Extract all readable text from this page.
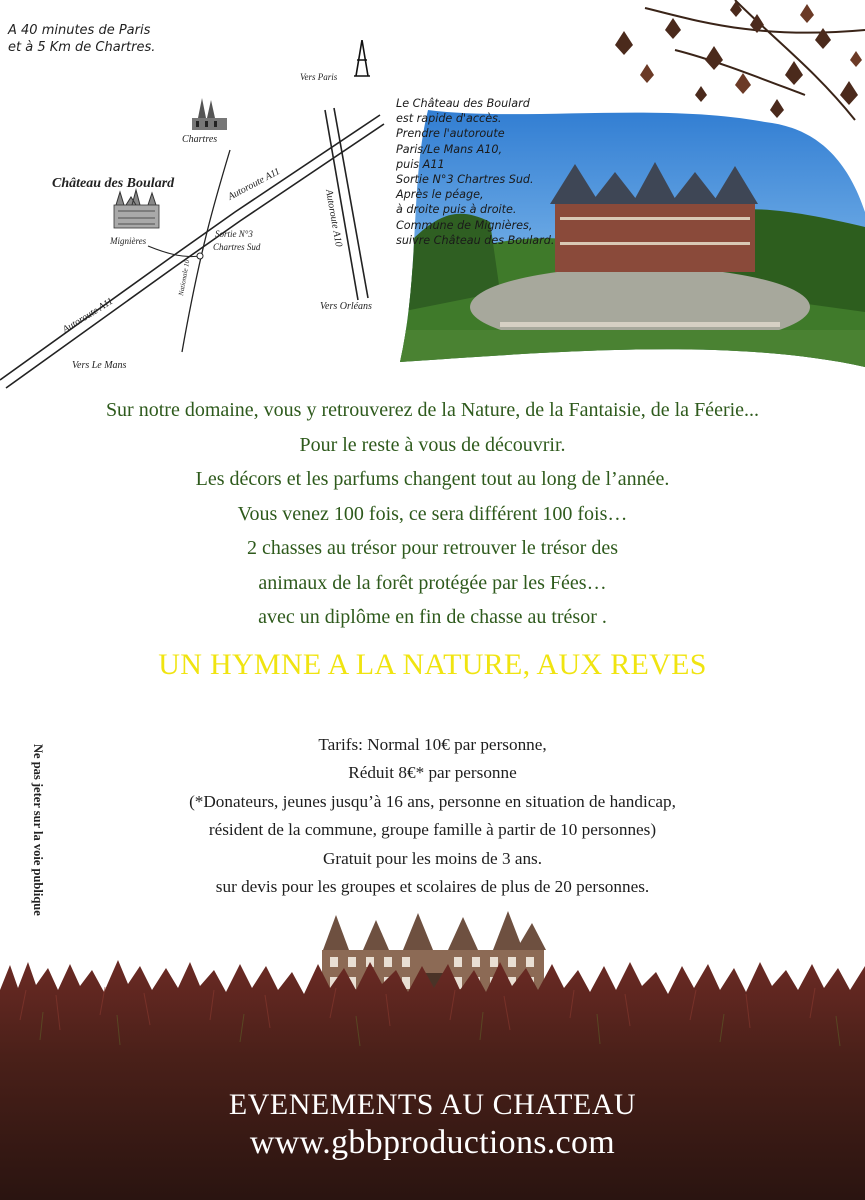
A 40 minutes de Paris
et à 5 Km de Chartres.
Vers Paris
Chartres
Château des Boulard	Autoroute A11
Autoroute A10
Sortie N°3
Chartres Sud
Mignières
Nationale 10
Vers Orléans
Autoroute A11
Vers Le Mans
Le Château des Boulard
est rapide d'accès.
Prendre l'autoroute
Paris/Le Mans A10,
puis A11
Sortie N°3 Chartres Sud.
Après le péage,
à droite puis à droite.
Commune de Mignières,
suivre Château des Boulard.
Sur notre domaine, vous y retrouverez de la Nature, de la Fantaisie, de la Féerie...
Pour le reste à vous de découvrir.
Les décors et les parfums changent tout au long de l’année.
Vous venez 100 fois, ce sera différent 100 fois…
2 chasses au trésor pour retrouver le trésor des
animaux de la forêt protégée par les Fées…
avec un diplôme en fin de chasse au trésor .
UN HYMNE A LA NATURE, AUX REVES
Tarifs: Normal 10€ par personne,
Réduit 8€* par personne
(*Donateurs, jeunes jusqu’à 16 ans, personne en situation de handicap,
résident de la commune, groupe famille à partir de 10 personnes)
Gratuit pour les moins de 3 ans.
sur devis pour les groupes et scolaires de plus de 20 personnes.
Ne pas jeter sur la voie publique
EVENEMENTS AU CHATEAU
www.gbbproductions.com
